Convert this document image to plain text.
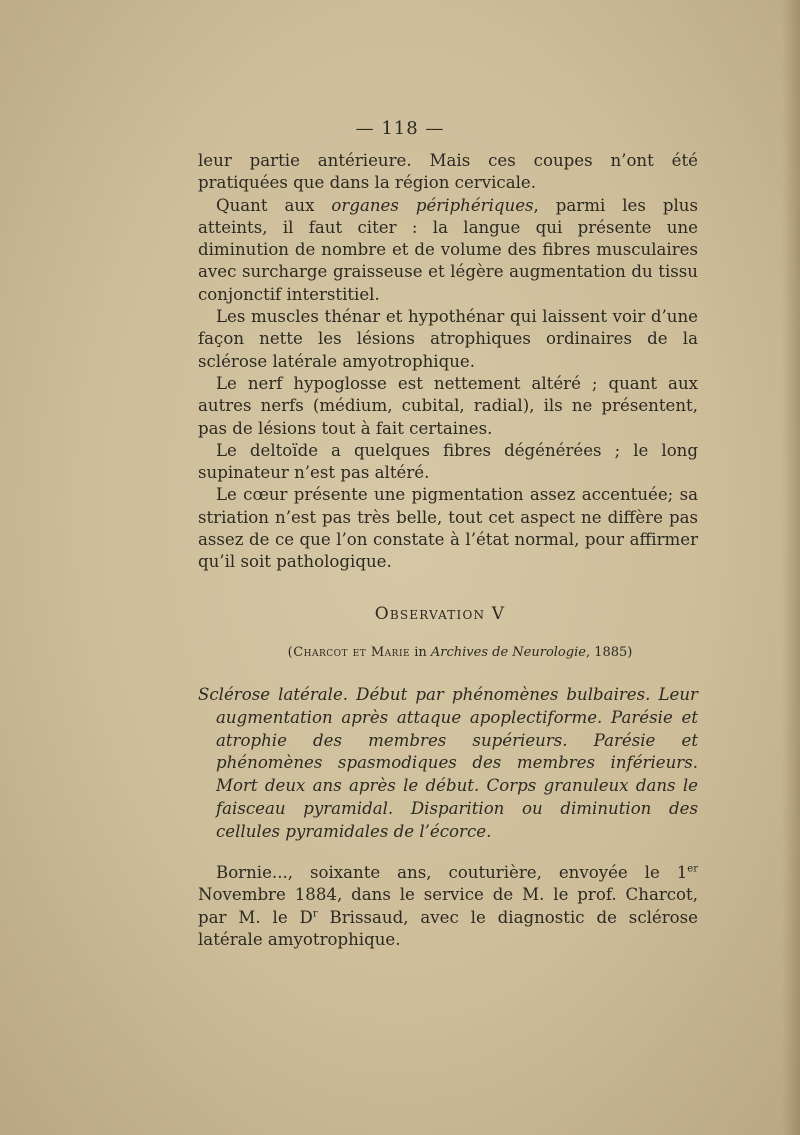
— 118 —

leur partie antérieure. Mais ces coupes n’ont été pratiquées que dans la région cervicale.

Quant aux organes périphériques, parmi les plus atteints, il faut citer : la langue qui présente une diminution de nombre et de volume des fibres musculaires avec surcharge graisseuse et légère augmentation du tissu conjonctif interstitiel.

Les muscles thénar et hypothénar qui laissent voir d’une façon nette les lésions atrophiques ordinaires de la sclérose latérale amyotrophique.

Le nerf hypoglosse est nettement altéré ; quant aux autres nerfs (médium, cubital, radial), ils ne présentent, pas de lésions tout à fait certaines.

Le deltoïde a quelques fibres dégénérées ; le long supinateur n’est pas altéré.

Le cœur présente une pigmentation assez accentuée; sa striation n’est pas très belle, tout cet aspect ne diffère pas assez de ce que l’on constate à l’état normal, pour affirmer qu’il soit pathologique.

Observation V
(Charcot et Marie in Archives de Neurologie, 1885)
Sclérose latérale. Début par phénomènes bulbaires. Leur augmentation après attaque apoplectiforme. Parésie et atrophie des membres supérieurs. Parésie et phénomènes spasmodiques des membres inférieurs. Mort deux ans après le début. Corps granuleux dans le faisceau pyramidal. Disparition ou diminution des cellules pyramidales de l’écorce.

Bornie..., soixante ans, couturière, envoyée le 1er Novembre 1884, dans le service de M. le prof. Charcot, par M. le $D^r$ Brissaud, avec le diagnostic de sclérose latérale amyotrophique.
